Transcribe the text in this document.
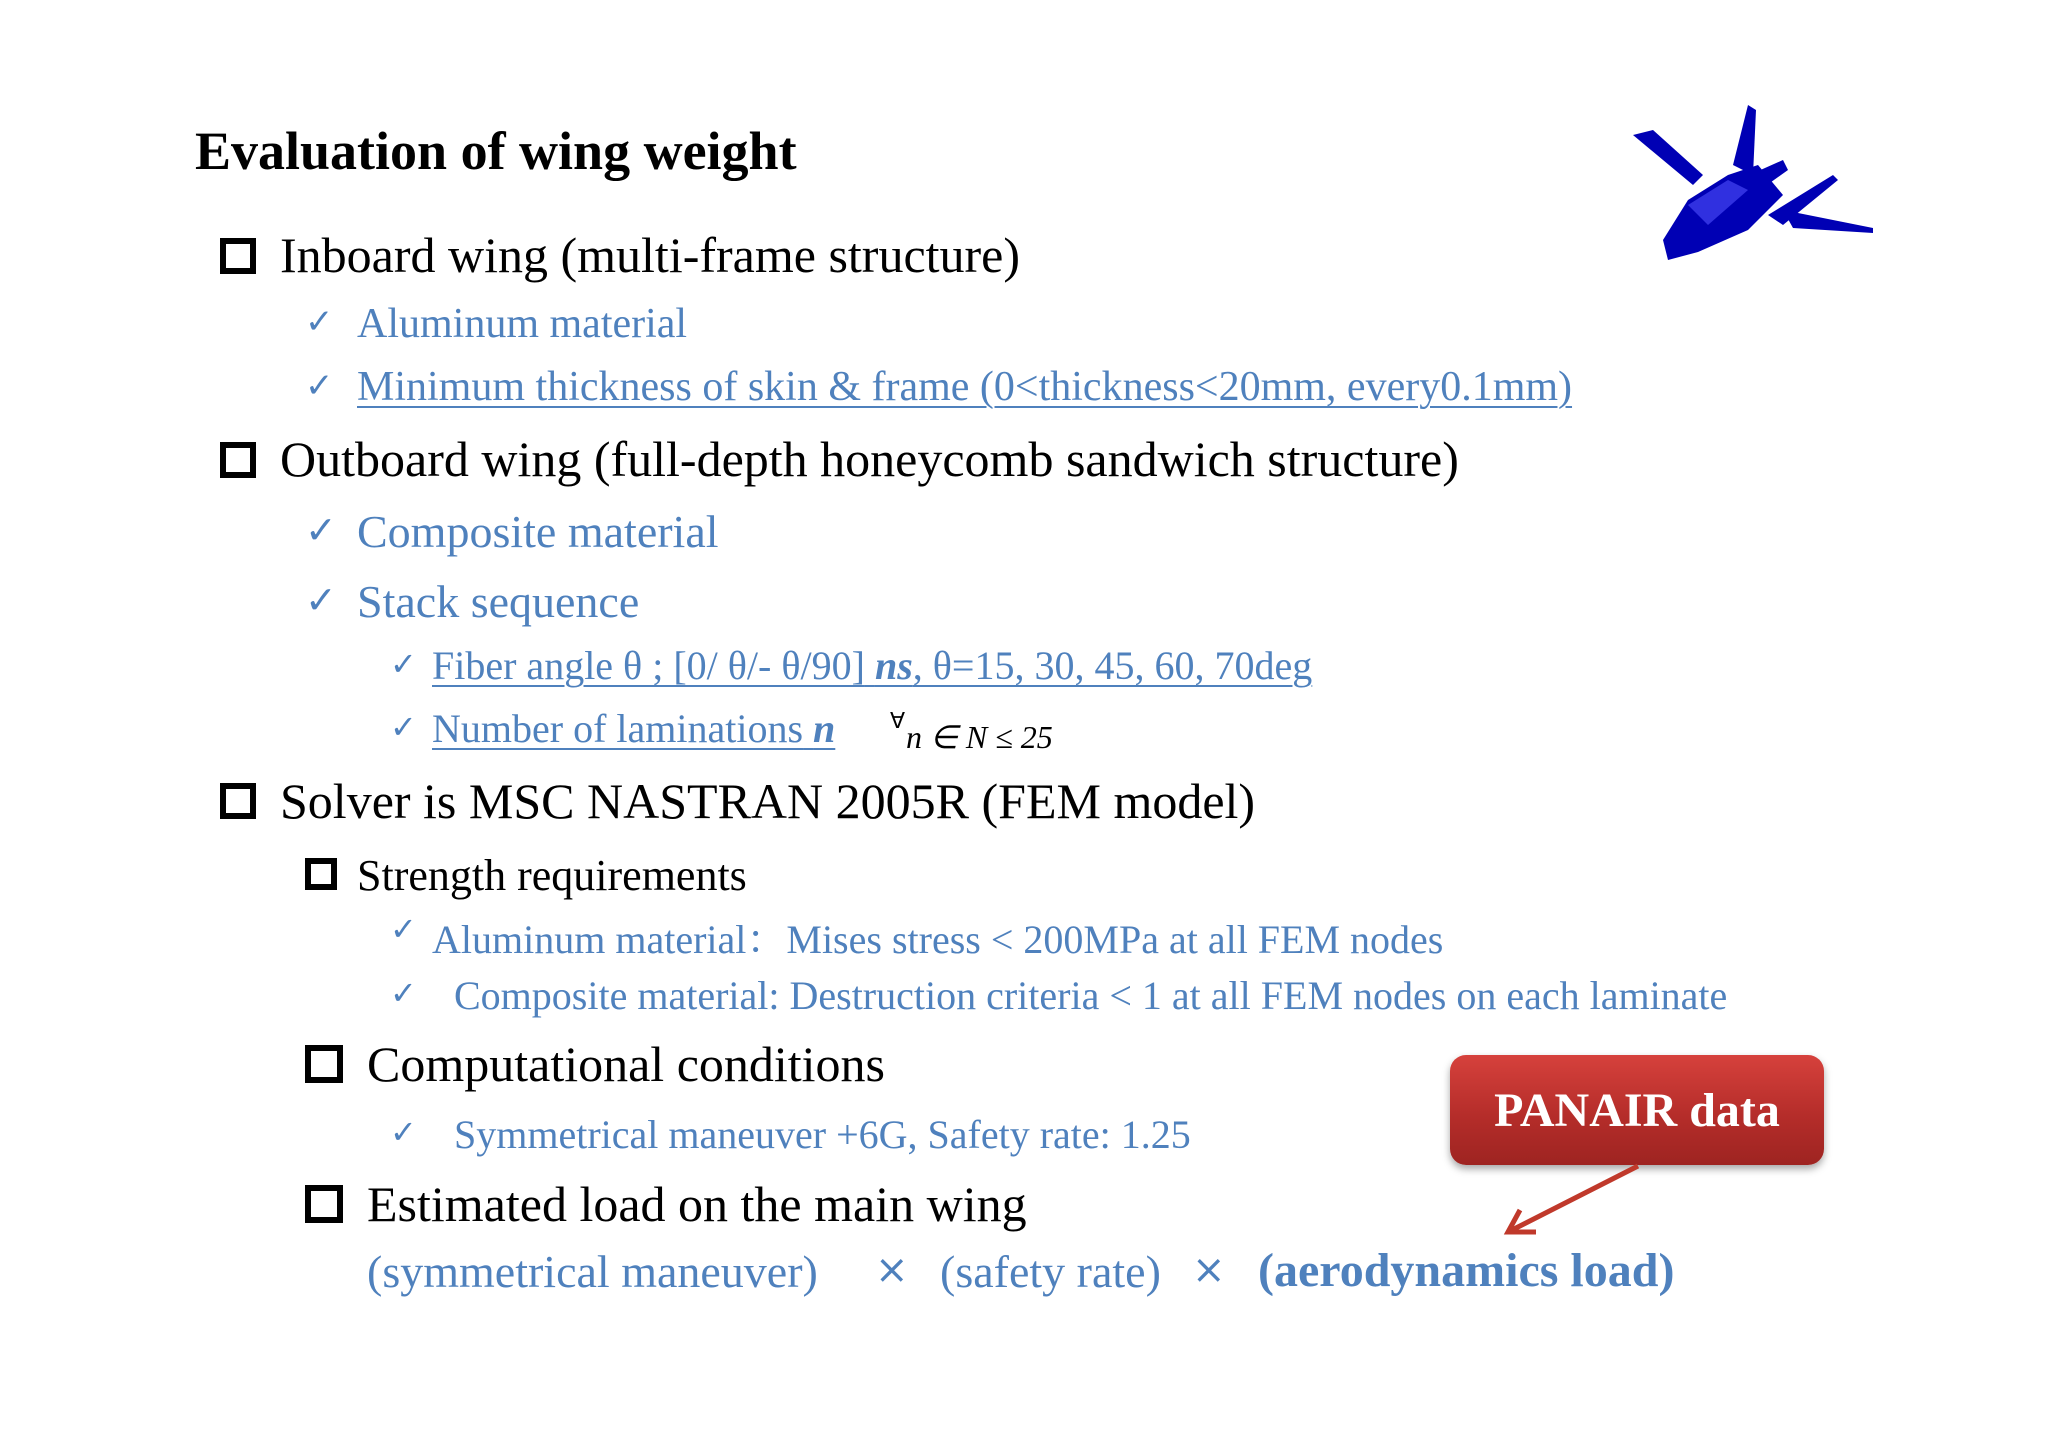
Evaluation of wing weight
Inboard wing (multi-frame structure)
✓ Aluminum material
✓ Minimum thickness of skin & frame (0<thickness<20mm, every0.1mm)
Outboard wing (full-depth honeycomb sandwich structure)
✓ Composite material
✓ Stack sequence
✓ Fiber angle θ ; [0/ θ/- θ/90] ns, θ=15, 30, 45, 60, 70deg
✓ Number of laminations n ∀ n ∈ N ≤ 25
Solver is MSC NASTRAN 2005R (FEM model)
Strength requirements
✓ Aluminum material：Mises stress < 200MPa at all FEM nodes
✓ Composite material: Destruction criteria < 1 at all FEM nodes on each laminate
Computational conditions
✓ Symmetrical maneuver +6G, Safety rate: 1.25
Estimated load on the main wing
(symmetrical maneuver) × (safety rate) × (aerodynamics load)
PANAIR data
